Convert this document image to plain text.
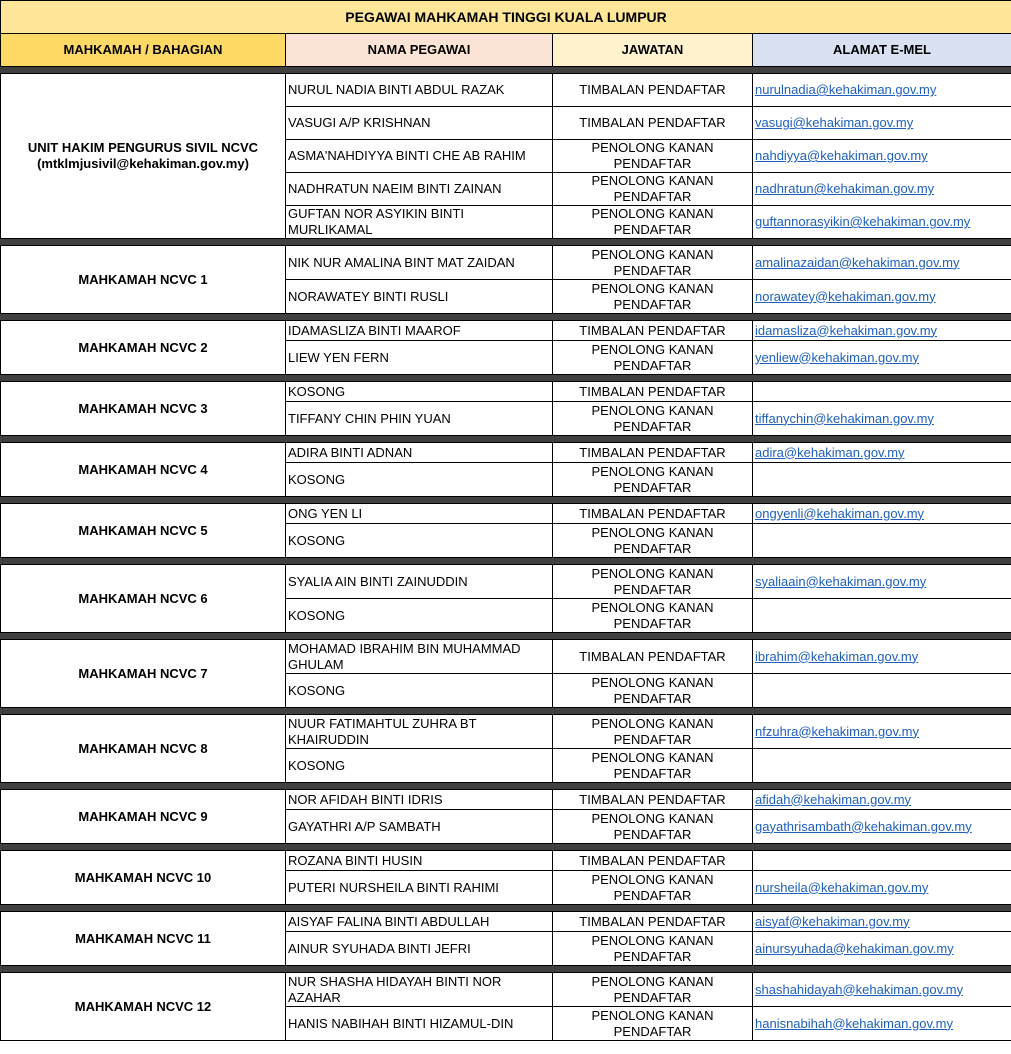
PEGAWAI MAHKAMAH TINGGI KUALA LUMPUR			
MAHKAMAH / BAHAGIAN	NAMA PEGAWAI	JAWATAN	ALAMAT E-MEL

UNIT HAKIM PENGURUS SIVIL NCVC
(mtklmjusivil@kehakiman.gov.my)	NURUL NADIA BINTI ABDUL RAZAK	TIMBALAN PENDAFTAR	nurulnadia@kehakiman.gov.my
	VASUGI A/P KRISHNAN	TIMBALAN PENDAFTAR	vasugi@kehakiman.gov.my
	ASMA'NAHDIYYA BINTI CHE AB RAHIM	PENOLONG KANAN PENDAFTAR	nahdiyya@kehakiman.gov.my
	NADHRATUN NAEIM BINTI ZAINAN	PENOLONG KANAN PENDAFTAR	nadhratun@kehakiman.gov.my
	GUFTAN NOR ASYIKIN BINTI MURLIKAMAL	PENOLONG KANAN PENDAFTAR	guftannorasyikin@kehakiman.gov.my

MAHKAMAH NCVC 1	NIK NUR AMALINA BINT MAT ZAIDAN	PENOLONG KANAN PENDAFTAR	amalinazaidan@kehakiman.gov.my
	NORAWATEY BINTI RUSLI	PENOLONG KANAN PENDAFTAR	norawatey@kehakiman.gov.my

MAHKAMAH NCVC 2	IDAMASLIZA BINTI MAAROF	TIMBALAN PENDAFTAR	idamasliza@kehakiman.gov.my
	LIEW YEN FERN	PENOLONG KANAN PENDAFTAR	yenliew@kehakiman.gov.my

MAHKAMAH NCVC 3	KOSONG	TIMBALAN PENDAFTAR	
	TIFFANY CHIN PHIN YUAN	PENOLONG KANAN PENDAFTAR	tiffanychin@kehakiman.gov.my

MAHKAMAH NCVC 4	ADIRA BINTI ADNAN	TIMBALAN PENDAFTAR	adira@kehakiman.gov.my
	KOSONG	PENOLONG KANAN PENDAFTAR	

MAHKAMAH NCVC 5	ONG YEN LI	TIMBALAN PENDAFTAR	ongyenli@kehakiman.gov.my
	KOSONG	PENOLONG KANAN PENDAFTAR	

MAHKAMAH NCVC 6	SYALIA AIN BINTI ZAINUDDIN	PENOLONG KANAN PENDAFTAR	syaliaain@kehakiman.gov.my
	KOSONG	PENOLONG KANAN PENDAFTAR	

MAHKAMAH NCVC 7	MOHAMAD IBRAHIM BIN MUHAMMAD GHULAM	TIMBALAN PENDAFTAR	ibrahim@kehakiman.gov.my
	KOSONG	PENOLONG KANAN PENDAFTAR	

MAHKAMAH NCVC 8	NUUR FATIMAHTUL ZUHRA BT KHAIRUDDIN	PENOLONG KANAN PENDAFTAR	nfzuhra@kehakiman.gov.my
	KOSONG	PENOLONG KANAN PENDAFTAR	

MAHKAMAH NCVC 9	NOR AFIDAH BINTI IDRIS	TIMBALAN PENDAFTAR	afidah@kehakiman.gov.my
	GAYATHRI A/P SAMBATH	PENOLONG KANAN PENDAFTAR	gayathrisambath@kehakiman.gov.my

MAHKAMAH NCVC 10	ROZANA BINTI HUSIN	TIMBALAN PENDAFTAR	
	PUTERI NURSHEILA BINTI RAHIMI	PENOLONG KANAN PENDAFTAR	nursheila@kehakiman.gov.my

MAHKAMAH NCVC 11	AISYAF FALINA BINTI ABDULLAH	TIMBALAN PENDAFTAR	aisyaf@kehakiman.gov.my
	AINUR SYUHADA BINTI JEFRI	PENOLONG KANAN PENDAFTAR	ainursyuhada@kehakiman.gov.my

MAHKAMAH NCVC 12	NUR SHASHA HIDAYAH BINTI NOR AZAHAR	PENOLONG KANAN PENDAFTAR	shashahidayah@kehakiman.gov.my
	HANIS NABIHAH BINTI HIZAMUL-DIN	PENOLONG KANAN PENDAFTAR	hanisnabihah@kehakiman.gov.my
